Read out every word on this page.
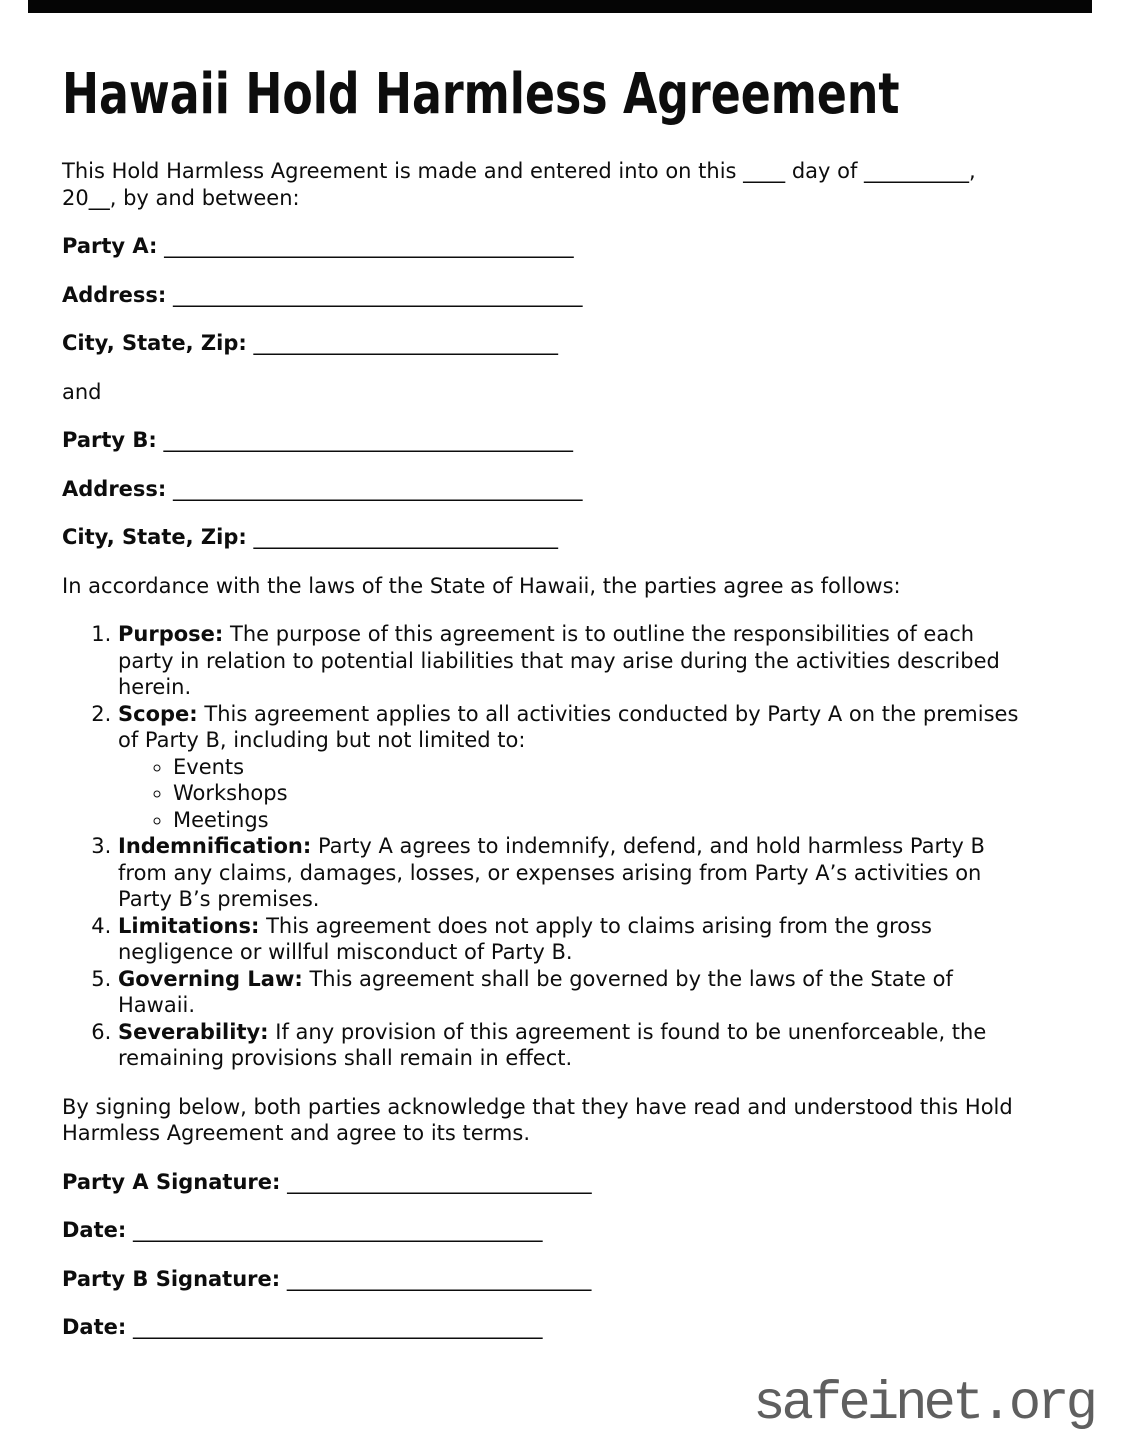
Hawaii Hold Harmless Agreement

This Hold Harmless Agreement is made and entered into on this ____ day of __________,
20__, by and between:

Party A: _______________________________________

Address: _______________________________________

City, State, Zip: _____________________________

and

Party B: _______________________________________

Address: _______________________________________

City, State, Zip: _____________________________

In accordance with the laws of the State of Hawaii, the parties agree as follows:

1. Purpose: The purpose of this agreement is to outline the responsibilities of each
party in relation to potential liabilities that may arise during the activities described
herein.
2. Scope: This agreement applies to all activities conducted by Party A on the premises
of Party B, including but not limited to:
◦ Events
◦ Workshops
◦ Meetings
3. Indemnification: Party A agrees to indemnify, defend, and hold harmless Party B
from any claims, damages, losses, or expenses arising from Party A’s activities on
Party B’s premises.
4. Limitations: This agreement does not apply to claims arising from the gross
negligence or willful misconduct of Party B.
5. Governing Law: This agreement shall be governed by the laws of the State of
Hawaii.
6. Severability: If any provision of this agreement is found to be unenforceable, the
remaining provisions shall remain in effect.

By signing below, both parties acknowledge that they have read and understood this Hold
Harmless Agreement and agree to its terms.

Party A Signature: _____________________________

Date: _______________________________________

Party B Signature: _____________________________

Date: _______________________________________

safeinet.org
